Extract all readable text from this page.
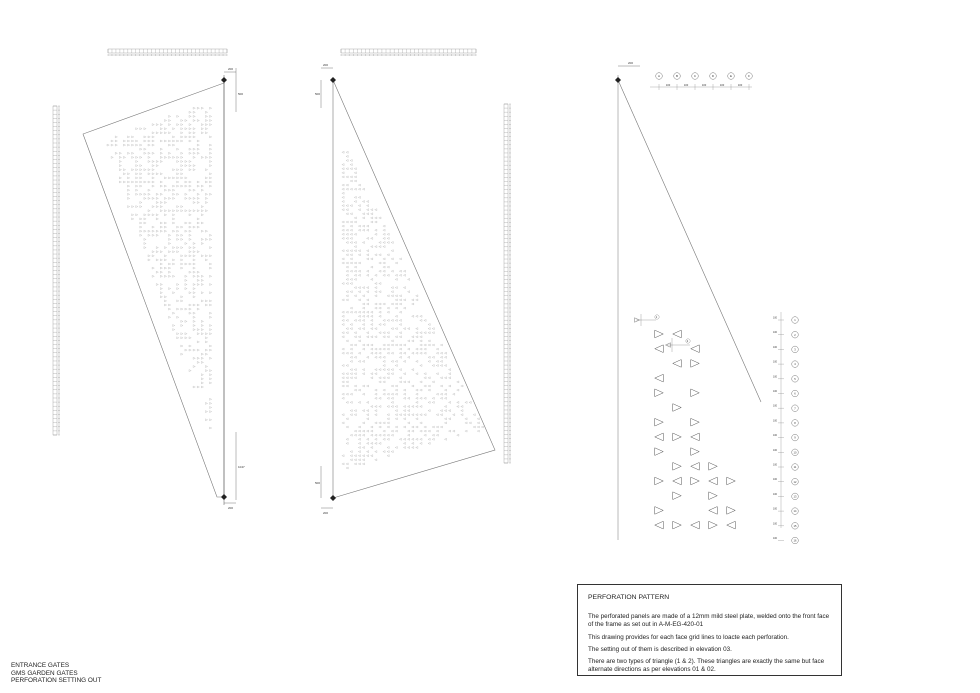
200
500
1047
200
200
500
500
200
200
A	B
100
C
100
D
100
E
100
F
100
1
100
2
100
3
100
4
100
5
100
6
100
7
100
8
100
9
100
10
100
11
100
12
100
13
100
14
100
15
100
16
100
1
2
PERFORATION PATTERN

The perforated panels are made of a 12mm mild steel plate, welded onto the front face of the frame as set out in A-M-EG-420-01

This drawing provides for each face grid lines to loacte each perforation.

The setting out of them is described in elevation 03.

There are two types of triangle (1 & 2). These triangles are exactly the same but face alternate directions as per elevations 01 & 02.

ENTRANCE GATES
GMS GARDEN GATES
PERFORATION SETTING OUT
